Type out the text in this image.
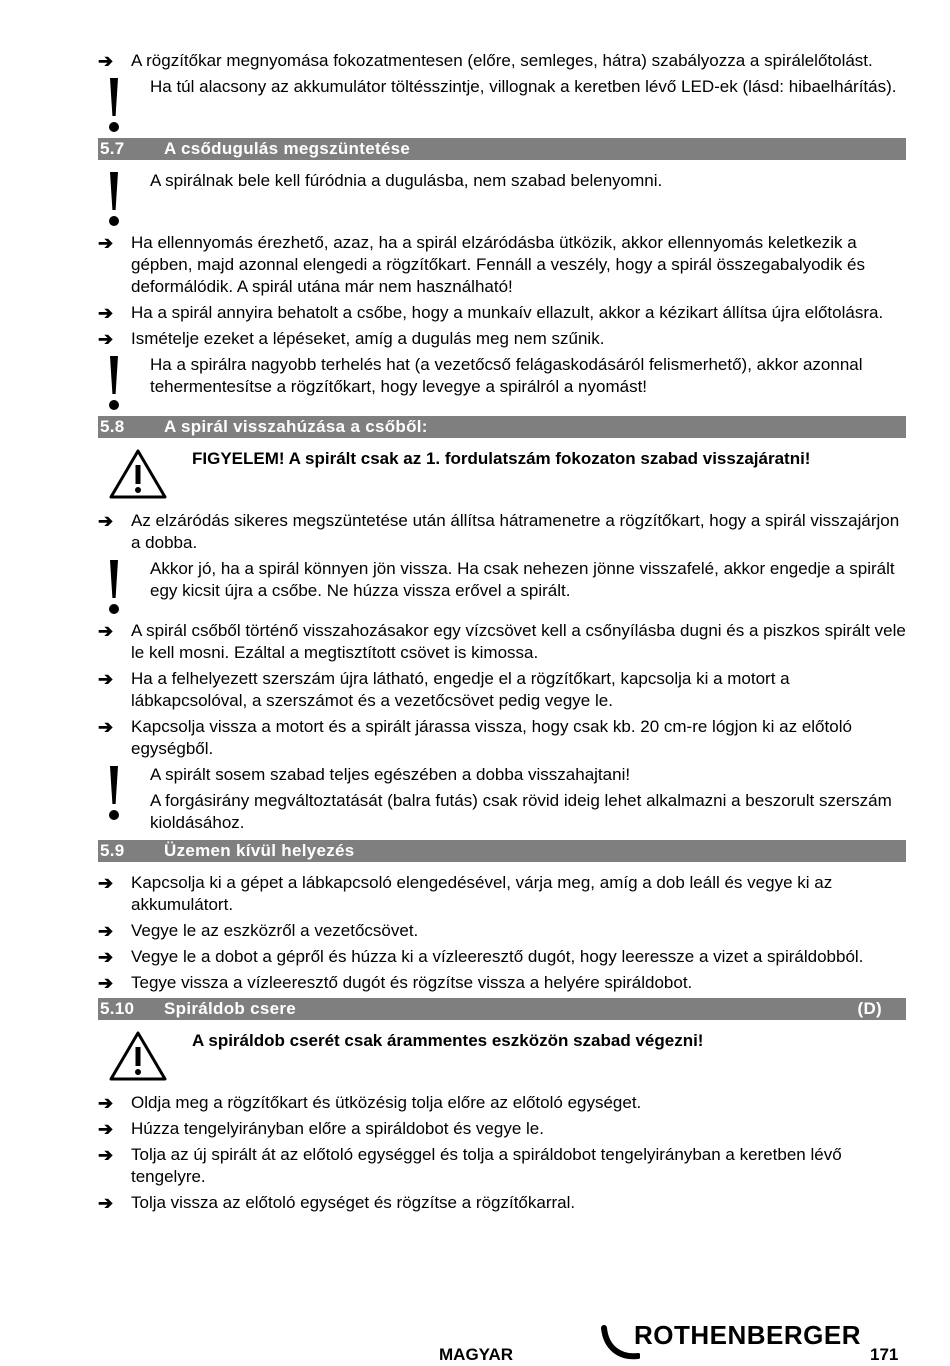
➔ A rögzítőkar megnyomása fokozatmentesen (előre, semleges, hátra) szabályozza a spirálelőtolást.

Ha túl alacsony az akkumulátor töltésszintje, villognak a keretben lévő LED-ek (lásd: hibaelhárítás).

5.7 A csődugulás megszüntetése

A spirálnak bele kell fúródnia a dugulásba, nem szabad belenyomni.

➔ Ha ellennyomás érezhető, azaz, ha a spirál elzáródásba ütközik, akkor ellennyomás keletkezik a gépben, majd azonnal elengedi a rögzítőkart. Fennáll a veszély, hogy a spirál összegabalyodik és deformálódik. A spirál utána már nem használható!
➔ Ha a spirál annyira behatolt a csőbe, hogy a munkaív ellazult, akkor a kézikart állítsa újra előtolásra.
➔ Ismételje ezeket a lépéseket, amíg a dugulás meg nem szűnik.

Ha a spirálra nagyobb terhelés hat (a vezetőcső felágaskodásáról felismerhető), akkor azonnal tehermentesítse a rögzítőkart, hogy levegye a spirálról a nyomást!

5.8 A spirál visszahúzása a csőből:
FIGYELEM! A spirált csak az 1. fordulatszám fokozaton szabad visszajáratni!
➔ Az elzáródás sikeres megszüntetése után állítsa hátramenetre a rögzítőkart, hogy a spirál visszajárjon a dobba.

Akkor jó, ha a spirál könnyen jön vissza. Ha csak nehezen jönne visszafelé, akkor engedje a spirált egy kicsit újra a csőbe. Ne húzza vissza erővel a spirált.

➔ A spirál csőből történő visszahozásakor egy vízcsövet kell a csőnyílásba dugni és a piszkos spirált vele le kell mosni. Ezáltal a megtisztított csövet is kimossa.
➔ Ha a felhelyezett szerszám újra látható, engedje el a rögzítőkart, kapcsolja ki a motort a lábkapcsolóval, a szerszámot és a vezetőcsövet pedig vegye le.
➔ Kapcsolja vissza a motort és a spirált járassa vissza, hogy csak kb. 20 cm-re lógjon ki az előtoló egységből.

A spirált sosem szabad teljes egészében a dobba visszahajtani!

A forgásirány megváltoztatását (balra futás) csak rövid ideig lehet alkalmazni a beszorult szerszám kioldásához.

5.9 Üzemen kívül helyezés
➔ Kapcsolja ki a gépet a lábkapcsoló elengedésével, várja meg, amíg a dob leáll és vegye ki az akkumulátort.
➔ Vegye le az eszközről a vezetőcsövet.
➔ Vegye le a dobot a gépről és húzza ki a vízleeresztő dugót, hogy leeressze a vizet a spiráldobból.
➔ Tegye vissza a vízleeresztő dugót és rögzítse vissza a helyére spiráldobot.
5.10 Spiráldob csere	(D)
A spiráldob cserét csak árammentes eszközön szabad végezni!
➔ Oldja meg a rögzítőkart és ütközésig tolja előre az előtoló egységet.
➔ Húzza tengelyirányban előre a spiráldobot és vegye le.
➔ Tolja az új spirált át az előtoló egységgel és tolja a spiráldobot tengelyirányban a keretben lévő tengelyre.
➔ Tolja vissza az előtoló egységet és rögzítse a rögzítőkarral.
MAGYAR
ROTHENBERGER
171
